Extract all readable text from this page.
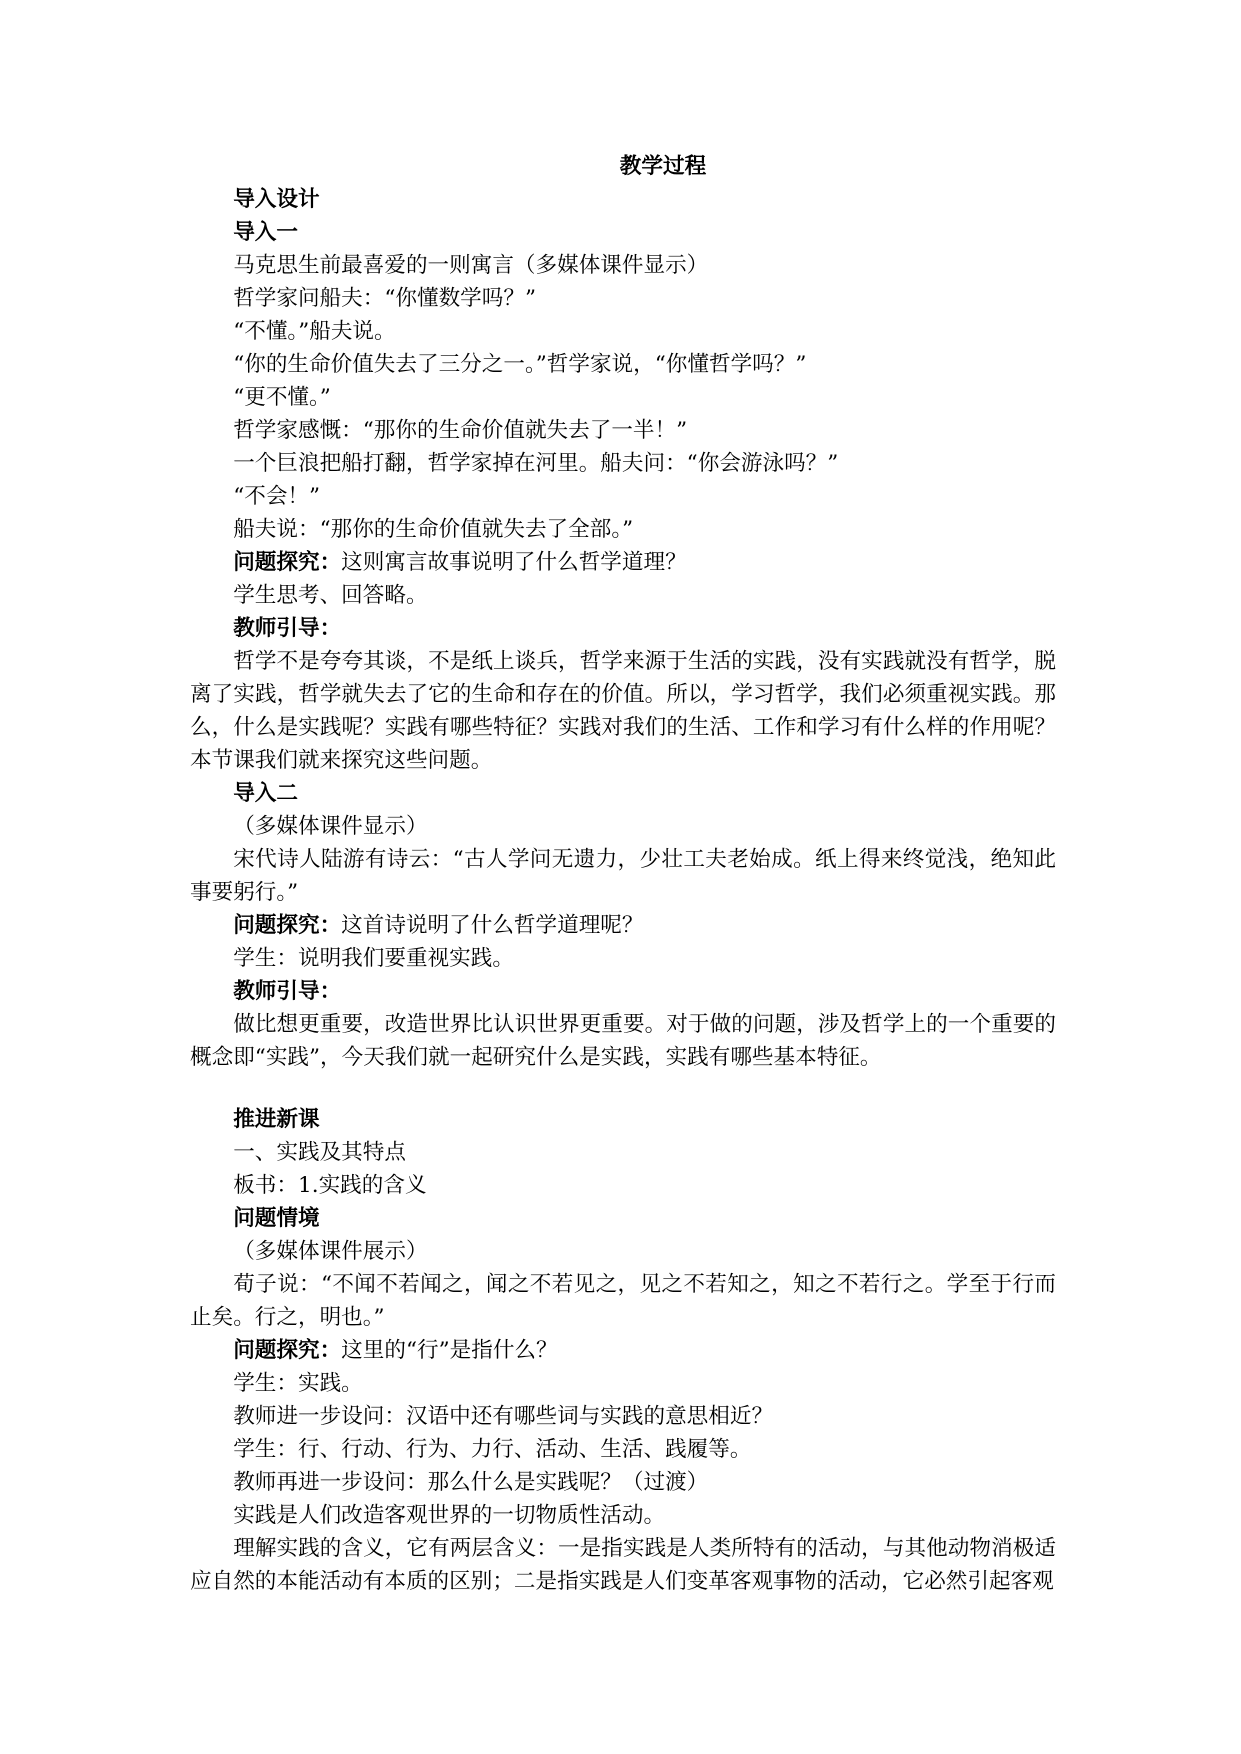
教学过程

导入设计

导入一

马克思生前最喜爱的一则寓言（多媒体课件显示）

哲学家问船夫：“你懂数学吗？”

“不懂。”船夫说。

“你的生命价值失去了三分之一。”哲学家说，“你懂哲学吗？”

“更不懂。”

哲学家感慨：“那你的生命价值就失去了一半！”

一个巨浪把船打翻，哲学家掉在河里。船夫问：“你会游泳吗？”

“不会！”

船夫说：“那你的生命价值就失去了全部。”

问题探究：这则寓言故事说明了什么哲学道理？

学生思考、回答略。

教师引导：

哲学不是夸夸其谈，不是纸上谈兵，哲学来源于生活的实践，没有实践就没有哲学，脱离了实践，哲学就失去了它的生命和存在的价值。所以，学习哲学，我们必须重视实践。那么，什么是实践呢？实践有哪些特征？实践对我们的生活、工作和学习有什么样的作用呢？本节课我们就来探究这些问题。

导入二

（多媒体课件显示）

宋代诗人陆游有诗云：“古人学问无遗力，少壮工夫老始成。纸上得来终觉浅，绝知此事要躬行。”

问题探究：这首诗说明了什么哲学道理呢？

学生：说明我们要重视实践。

教师引导：

做比想更重要，改造世界比认识世界更重要。对于做的问题，涉及哲学上的一个重要的概念即“实践”，今天我们就一起研究什么是实践，实践有哪些基本特征。

推进新课

一、实践及其特点

板书：1.实践的含义

问题情境

（多媒体课件展示）

荀子说：“不闻不若闻之，闻之不若见之，见之不若知之，知之不若行之。学至于行而止矣。行之，明也。”

问题探究：这里的“行”是指什么？

学生：实践。

教师进一步设问：汉语中还有哪些词与实践的意思相近？

学生：行、行动、行为、力行、活动、生活、践履等。

教师再进一步设问：那么什么是实践呢？（过渡）

实践是人们改造客观世界的一切物质性活动。

理解实践的含义，它有两层含义：一是指实践是人类所特有的活动，与其他动物消极适应自然的本能活动有本质的区别；二是指实践是人们变革客观事物的活动，它必然引起客观
